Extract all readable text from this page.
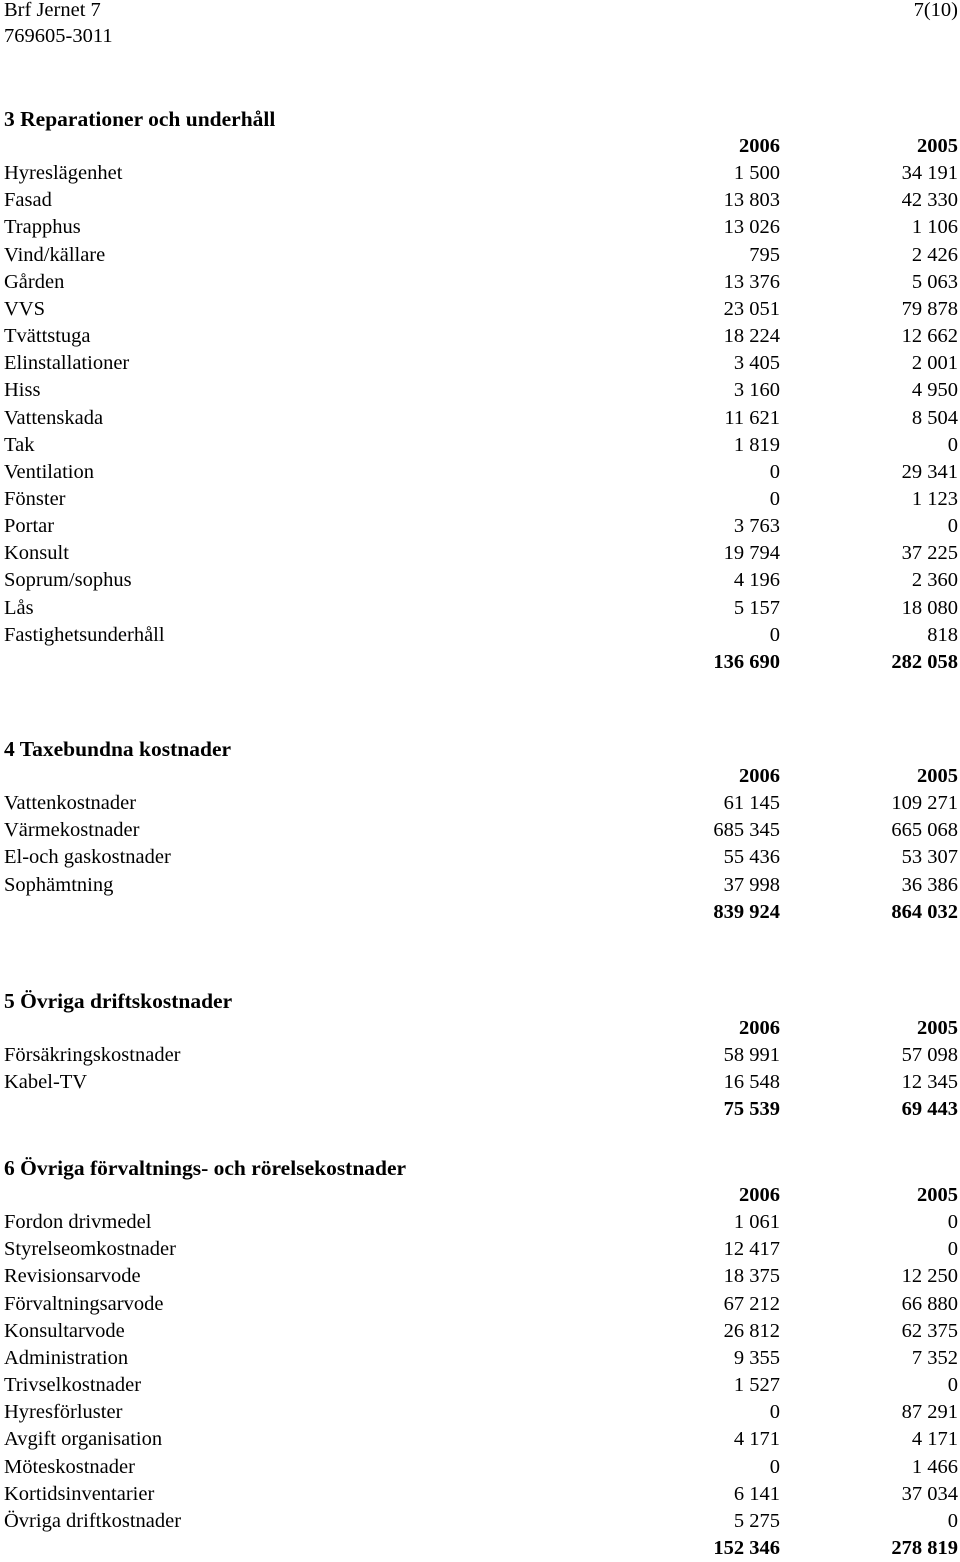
Brf Jernet 7	7(10)
769605-3011
3 Reparationer och underhåll
2006	2005
Hyreslägenhet	1 500	34 191
Fasad	13 803	42 330
Trapphus	13 026	1 106
Vind/källare	795	2 426
Gården	13 376	5 063
VVS	23 051	79 878
Tvättstuga	18 224	12 662
Elinstallationer	3 405	2 001
Hiss	3 160	4 950
Vattenskada	11 621	8 504
Tak	1 819	0
Ventilation	0	29 341
Fönster	0	1 123
Portar	3 763	0
Konsult	19 794	37 225
Soprum/sophus	4 196	2 360
Lås	5 157	18 080
Fastighetsunderhåll	0	818
136 690	282 058
4 Taxebundna kostnader
2006	2005
Vattenkostnader	61 145	109 271
Värmekostnader	685 345	665 068
El-och gaskostnader	55 436	53 307
Sophämtning	37 998	36 386
839 924	864 032
5 Övriga driftskostnader
2006	2005
Försäkringskostnader	58 991	57 098
Kabel-TV	16 548	12 345
75 539	69 443
6 Övriga förvaltnings- och rörelsekostnader
2006	2005
Fordon drivmedel	1 061	0
Styrelseomkostnader	12 417	0
Revisionsarvode	18 375	12 250
Förvaltningsarvode	67 212	66 880
Konsultarvode	26 812	62 375
Administration	9 355	7 352
Trivselkostnader	1 527	0
Hyresförluster	0	87 291
Avgift organisation	4 171	4 171
Möteskostnader	0	1 466
Kortidsinventarier	6 141	37 034
Övriga driftkostnader	5 275	0
152 346	278 819
